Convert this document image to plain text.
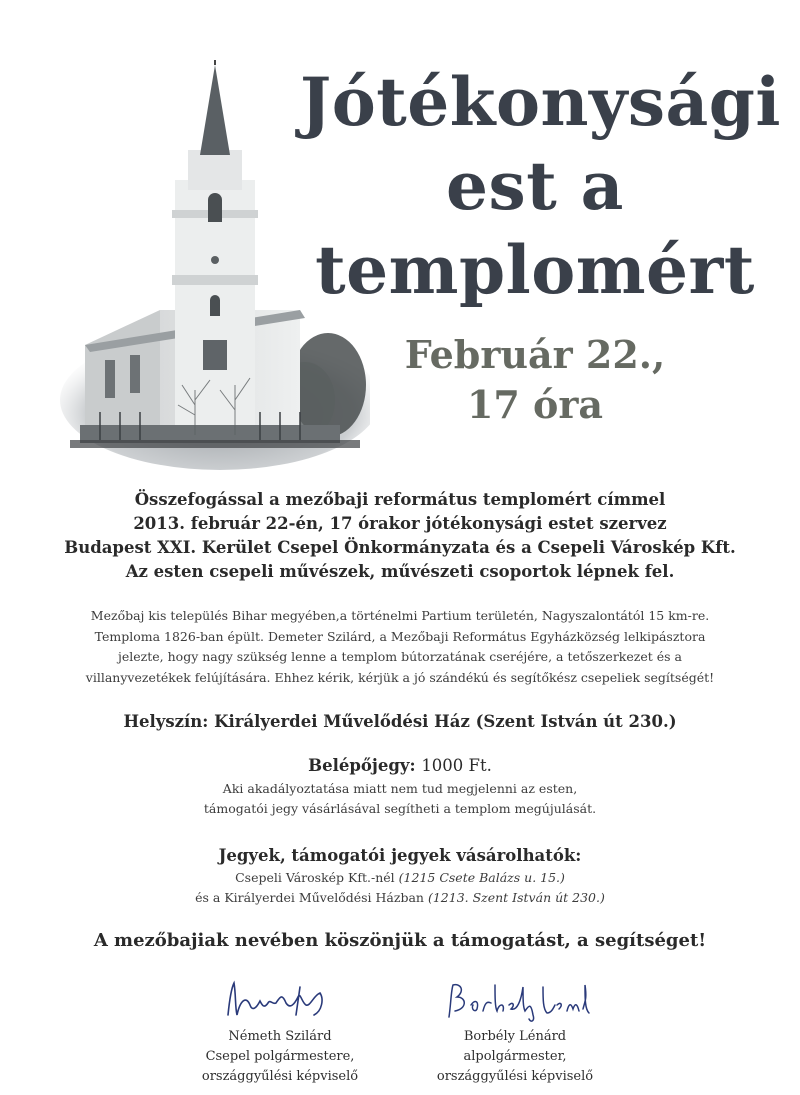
Jótékonysági
est a
templomért
Február 22.,
17 óra
Összefogással a mezőbaji református templomért címmel
2013. február 22-én, 17 órakor jótékonysági estet szervez
Budapest XXI. Kerület Csepel Önkormányzata és a Csepeli Városkép Kft.
Az esten csepeli művészek, művészeti csoportok lépnek fel.
Mezőbaj kis település Bihar megyében,a történelmi Partium területén, Nagyszalontától 15 km-re.
Temploma 1826-ban épült. Demeter Szilárd, a Mezőbaji Református Egyházközség lelkipásztora
jelezte, hogy nagy szükség lenne a templom bútorzatának cseréjére, a tetőszerkezet és a
villanyvezetékek felújítására. Ehhez kérik, kérjük a jó szándékú és segítőkész csepeliek segítségét!
Helyszín: Királyerdei Művelődési Ház (Szent István út 230.)
Belépőjegy: 1000 Ft.
Aki akadályoztatása miatt nem tud megjelenni az esten,
támogatói jegy vásárlásával segítheti a templom megújulását.
Jegyek, támogatói jegyek vásárolhatók:
Csepeli Városkép Kft.-nél (1215 Csete Balázs u. 15.)
és a Királyerdei Művelődési Házban (1213. Szent István út 230.)
A mezőbajiak nevében köszönjük a támogatást, a segítséget!
Németh Szilárd
Csepel polgármestere,
országgyűlési képviselő
Borbély Lénárd
alpolgármester,
országgyűlési képviselő
